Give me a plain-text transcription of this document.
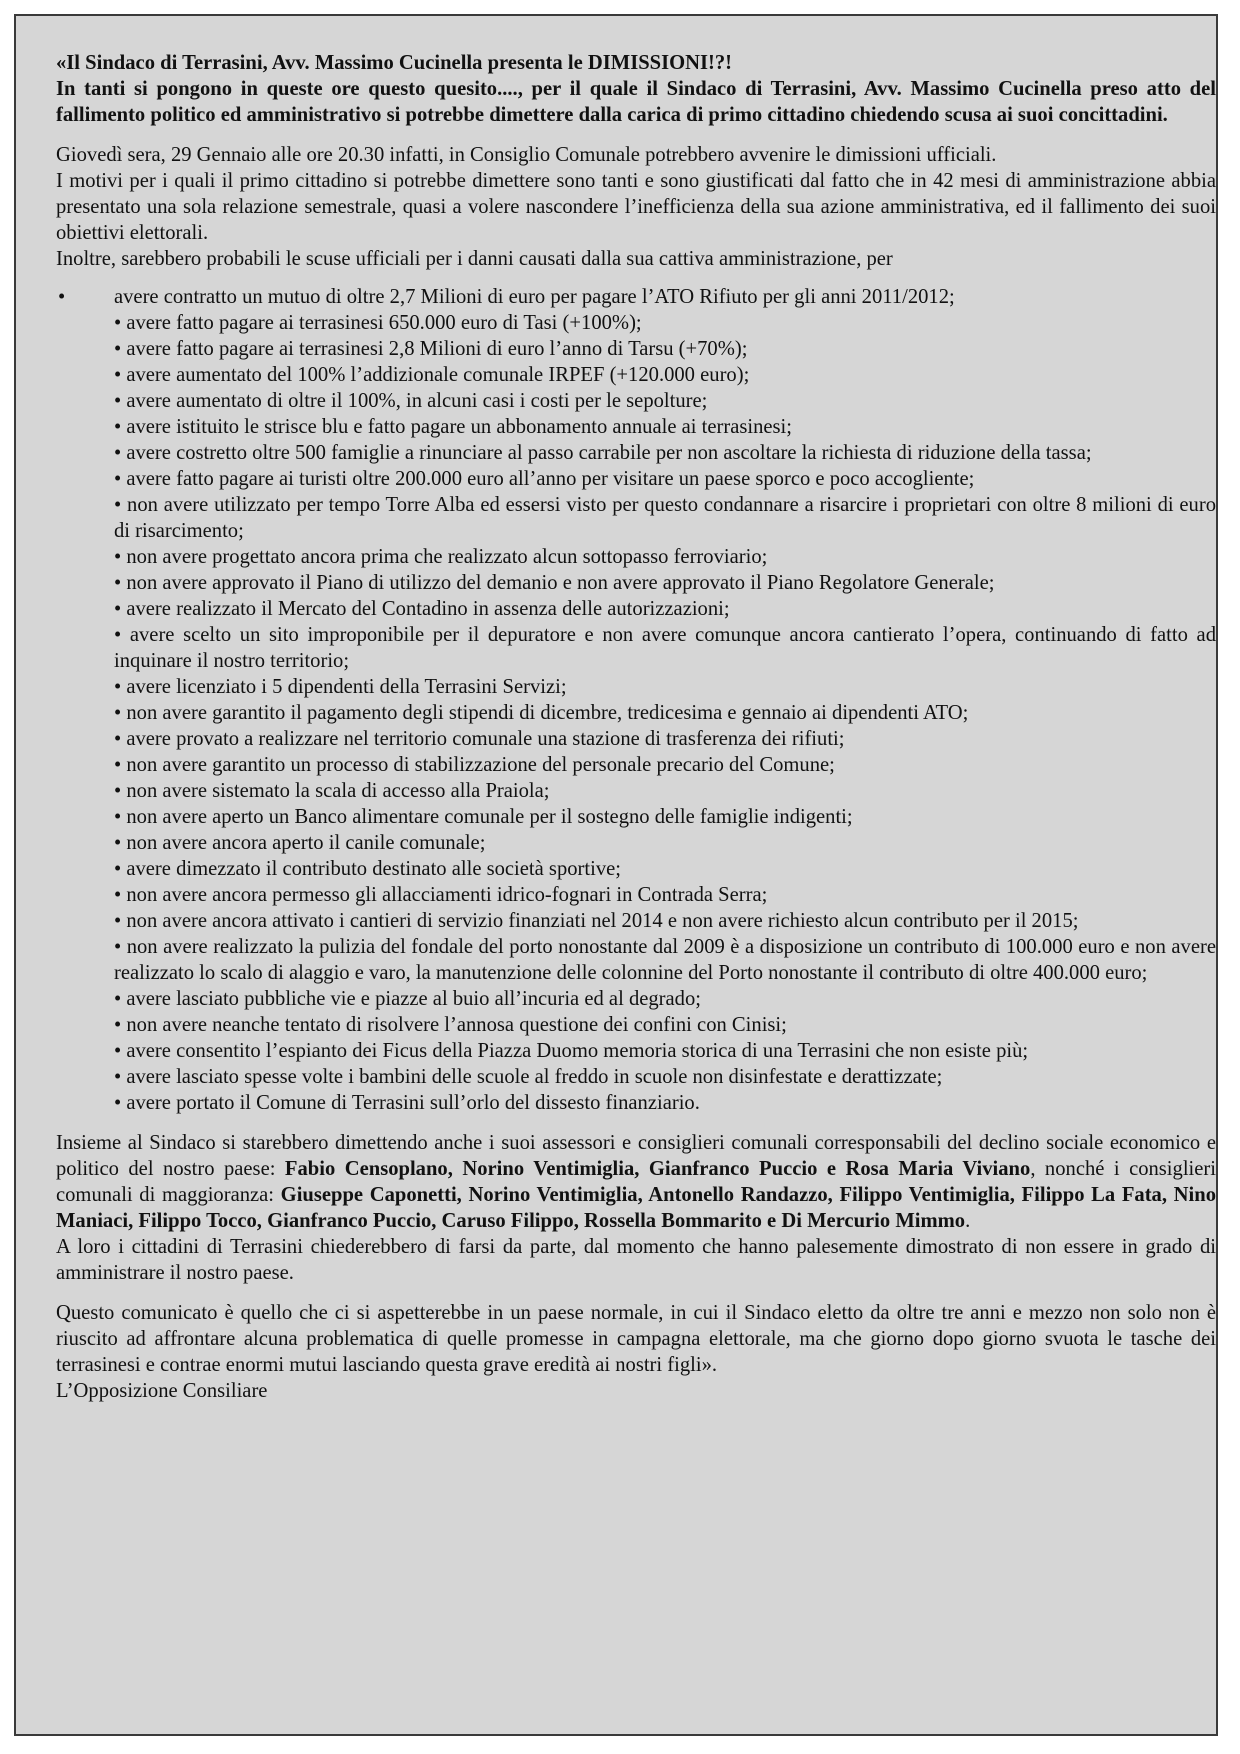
«Il Sindaco di Terrasini, Avv. Massimo Cucinella presenta le DIMISSIONI!?!
In tanti si pongono in queste ore questo quesito...., per il quale il Sindaco di Terrasini, Avv. Massimo Cucinella preso atto del fallimento politico ed amministrativo si potrebbe dimettere dalla carica di primo cittadino chiedendo scusa ai suoi concittadini.

Giovedì sera, 29 Gennaio alle ore 20.30 infatti, in Consiglio Comunale potrebbero avvenire le dimissioni ufficiali.

I motivi per i quali il primo cittadino si potrebbe dimettere sono tanti e sono giustificati dal fatto che in 42 mesi di amministrazione abbia presentato una sola relazione semestrale, quasi a volere nascondere l’inefficienza della sua azione amministrativa, ed il fallimento dei suoi obiettivi elettorali.

Inoltre, sarebbero probabili le scuse ufficiali per i danni causati dalla sua cattiva amministrazione, per

• avere contratto un mutuo di oltre 2,7 Milioni di euro per pagare l’ATO Rifiuto per gli anni 2011/2012;
• avere fatto pagare ai terrasinesi 650.000 euro di Tasi (+100%);
• avere fatto pagare ai terrasinesi 2,8 Milioni di euro l’anno di Tarsu (+70%);
• avere aumentato del 100% l’addizionale comunale IRPEF (+120.000 euro);
• avere aumentato di oltre il 100%, in alcuni casi i costi per le sepolture;
• avere istituito le strisce blu e fatto pagare un abbonamento annuale ai terrasinesi;
• avere costretto oltre 500 famiglie a rinunciare al passo carrabile per non ascoltare la richiesta di riduzione della tassa;
• avere fatto pagare ai turisti oltre 200.000 euro all’anno per visitare un paese sporco e poco accogliente;
• non avere utilizzato per tempo Torre Alba ed essersi visto per questo condannare a risarcire i proprietari con oltre 8 milioni di euro di risarcimento;
• non avere progettato ancora prima che realizzato alcun sottopasso ferroviario;
• non avere approvato il Piano di utilizzo del demanio e non avere approvato il Piano Regolatore Generale;
• avere realizzato il Mercato del Contadino in assenza delle autorizzazioni;
• avere scelto un sito improponibile per il depuratore e non avere comunque ancora cantierato l’opera, continuando di fatto ad inquinare il nostro territorio;
• avere licenziato i 5 dipendenti della Terrasini Servizi;
• non avere garantito il pagamento degli stipendi di dicembre, tredicesima e gennaio ai dipendenti ATO;
• avere provato a realizzare nel territorio comunale una stazione di trasferenza dei rifiuti;
• non avere garantito un processo di stabilizzazione del personale precario del Comune;
• non avere sistemato la scala di accesso alla Praiola;
• non avere aperto un Banco alimentare comunale per il sostegno delle famiglie indigenti;
• non avere ancora aperto il canile comunale;
• avere dimezzato il contributo destinato alle società sportive;
• non avere ancora permesso gli allacciamenti idrico-fognari in Contrada Serra;
• non avere ancora attivato i cantieri di servizio finanziati nel 2014 e non avere richiesto alcun contributo per il 2015;
• non avere realizzato la pulizia del fondale del porto nonostante dal 2009 è a disposizione un contributo di 100.000 euro e non avere realizzato lo scalo di alaggio e varo, la manutenzione delle colonnine del Porto nonostante il contributo di oltre 400.000 euro;
• avere lasciato pubbliche vie e piazze al buio all’incuria ed al degrado;
• non avere neanche tentato di risolvere l’annosa questione dei confini con Cinisi;
• avere consentito l’espianto dei Ficus della Piazza Duomo memoria storica di una Terrasini che non esiste più;
• avere lasciato spesse volte i bambini delle scuole al freddo in scuole non disinfestate e derattizzate;
• avere portato il Comune di Terrasini sull’orlo del dissesto finanziario.

Insieme al Sindaco si starebbero dimettendo anche i suoi assessori e consiglieri comunali corresponsabili del declino sociale economico e politico del nostro paese: Fabio Censoplano, Norino Ventimiglia, Gianfranco Puccio e Rosa Maria Viviano, nonché i consiglieri comunali di maggioranza: Giuseppe Caponetti, Norino Ventimiglia, Antonello Randazzo, Filippo Ventimiglia, Filippo La Fata, Nino Maniaci, Filippo Tocco, Gianfranco Puccio, Caruso Filippo, Rossella Bommarito e Di Mercurio Mimmo.

A loro i cittadini di Terrasini chiederebbero di farsi da parte, dal momento che hanno palesemente dimostrato di non essere in grado di amministrare il nostro paese.

Questo comunicato è quello che ci si aspetterebbe in un paese normale, in cui il Sindaco eletto da oltre tre anni e mezzo non solo non è riuscito ad affrontare alcuna problematica di quelle promesse in campagna elettorale, ma che giorno dopo giorno svuota le tasche dei terrasinesi e contrae enormi mutui lasciando questa grave eredità ai nostri figli».

L’Opposizione Consiliare
